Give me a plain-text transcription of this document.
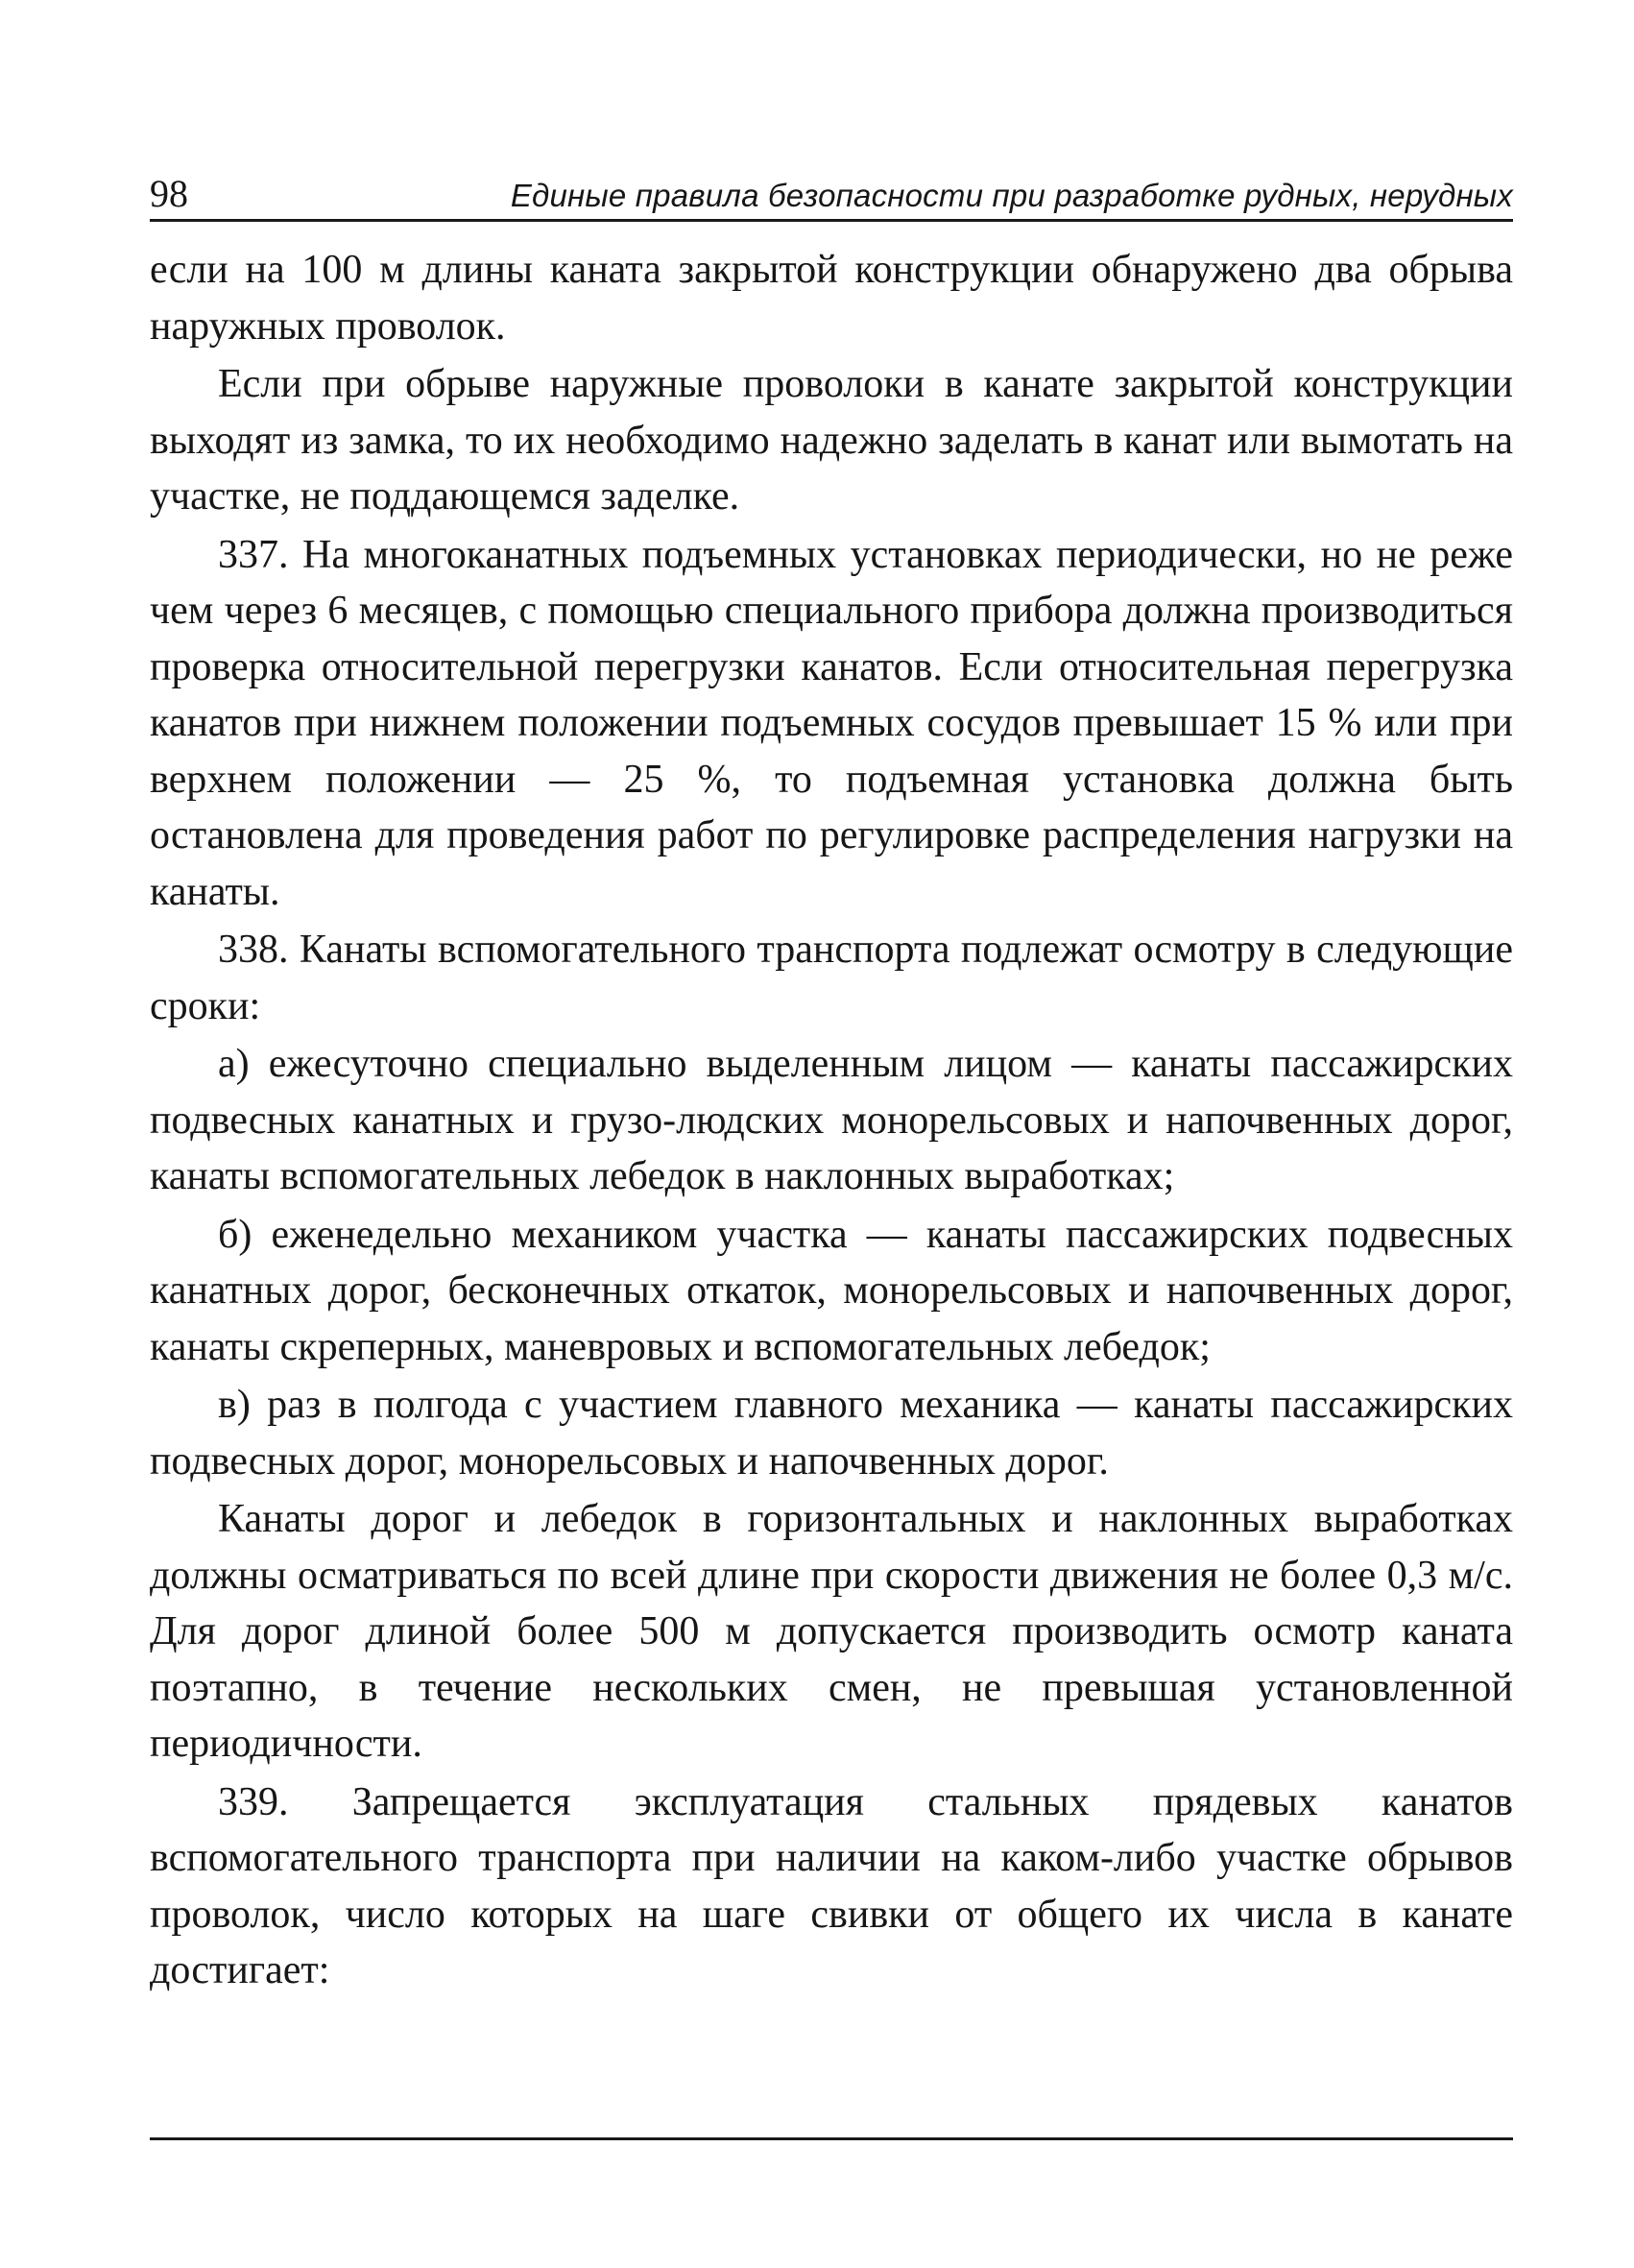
98	Единые правила безопасности при разработке рудных, нерудных

если на 100 м длины каната закрытой конструкции обнаружено два обрыва наружных проволок.

Если при обрыве наружные проволоки в канате закрытой конструкции выходят из замка, то их необходимо надежно заделать в канат или вымотать на участке, не поддающемся заделке.

337. На многоканатных подъемных установках периодически, но не реже чем через 6 месяцев, с помощью специального прибора должна производиться проверка относительной перегрузки канатов. Если относительная перегрузка канатов при нижнем положении подъемных сосудов превышает 15 % или при верхнем положении — 25 %, то подъемная установка должна быть остановлена для проведения работ по регулировке распределения нагрузки на канаты.

338. Канаты вспомогательного транспорта подлежат осмотру в следующие сроки:

а) ежесуточно специально выделенным лицом — канаты пассажирских подвесных канатных и грузо-людских монорельсовых и напочвенных дорог, канаты вспомогательных лебедок в наклонных выработках;

б) еженедельно механиком участка — канаты пассажирских подвесных канатных дорог, бесконечных откаток, монорельсовых и напочвенных дорог, канаты скреперных, маневровых и вспомогательных лебедок;

в) раз в полгода с участием главного механика — канаты пассажирских подвесных дорог, монорельсовых и напочвенных дорог.

Канаты дорог и лебедок в горизонтальных и наклонных выработках должны осматриваться по всей длине при скорости движения не более 0,3 м/с. Для дорог длиной более 500 м допускается производить осмотр каната поэтапно, в течение нескольких смен, не превышая установленной периодичности.

339. Запрещается эксплуатация стальных прядевых канатов вспомогательного транспорта при наличии на каком-либо участке обрывов проволок, число которых на шаге свивки от общего их числа в канате достигает:
